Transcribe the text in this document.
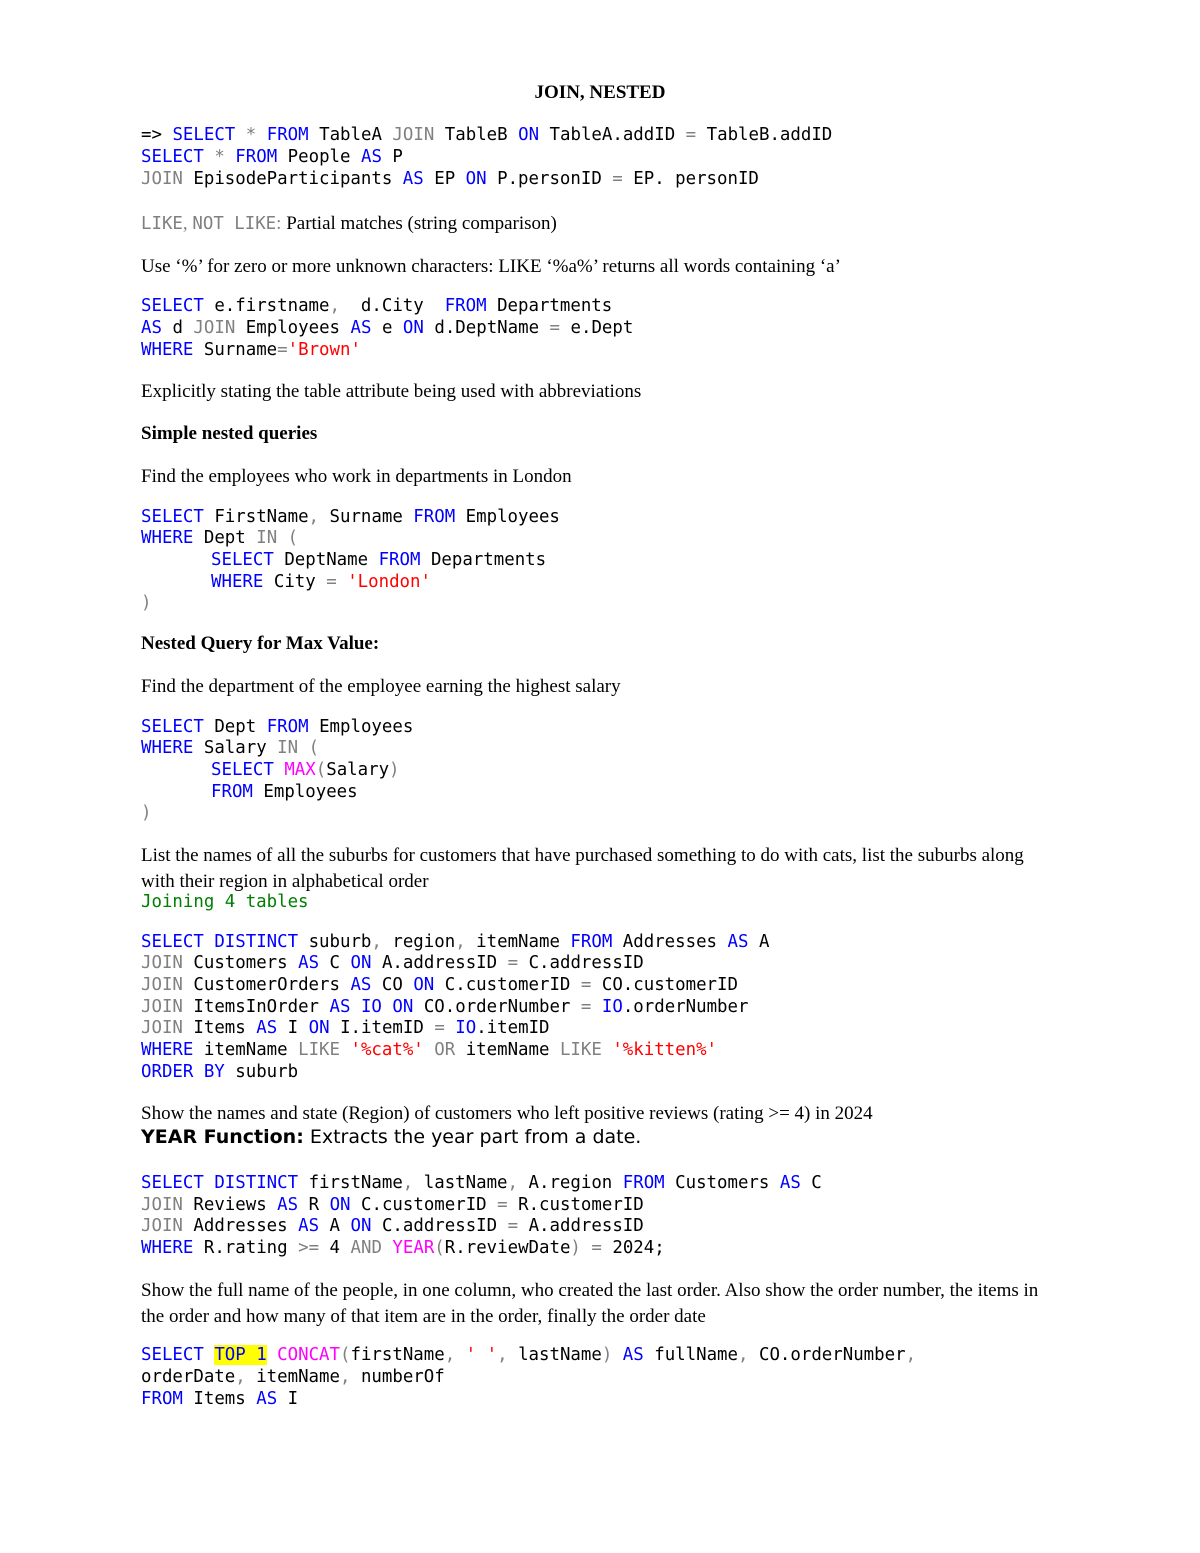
JOIN, NESTED
=> SELECT * FROM TableA JOIN TableB ON TableA.addID = TableB.addID
SELECT * FROM People AS P
JOIN EpisodeParticipants AS EP ON P.personID = EP. personID
LIKE, NOT LIKE: Partial matches (string comparison)
Use ‘%’ for zero or more unknown characters: LIKE ‘%a%’ returns all words containing ‘a’
SELECT e.firstname, d.City FROM Departments
AS d JOIN Employees AS e ON d.DeptName = e.Dept
WHERE Surname='Brown'
Explicitly stating the table attribute being used with abbreviations
Simple nested queries
Find the employees who work in departments in London
SELECT FirstName, Surname FROM Employees
WHERE Dept IN (
SELECT DeptName FROM Departments
WHERE City = 'London'
)
Nested Query for Max Value:
Find the department of the employee earning the highest salary
SELECT Dept FROM Employees
WHERE Salary IN (
SELECT MAX(Salary)
FROM Employees
)
List the names of all the suburbs for customers that have purchased something to do with cats, list the suburbs along with their region in alphabetical order
Joining 4 tables
SELECT DISTINCT suburb, region, itemName FROM Addresses AS A
JOIN Customers AS C ON A.addressID = C.addressID
JOIN CustomerOrders AS CO ON C.customerID = CO.customerID
JOIN ItemsInOrder AS IO ON CO.orderNumber = IO.orderNumber
JOIN Items AS I ON I.itemID = IO.itemID
WHERE itemName LIKE '%cat%' OR itemName LIKE '%kitten%'
ORDER BY suburb
Show the names and state (Region) of customers who left positive reviews (rating >= 4) in 2024
YEAR Function: Extracts the year part from a date.
SELECT DISTINCT firstName, lastName, A.region FROM Customers AS C
JOIN Reviews AS R ON C.customerID = R.customerID
JOIN Addresses AS A ON C.addressID = A.addressID
WHERE R.rating >= 4 AND YEAR(R.reviewDate) = 2024;
Show the full name of the people, in one column, who created the last order. Also show the order number, the items in the order and how many of that item are in the order, finally the order date
SELECT TOP 1 CONCAT(firstName, ' ', lastName) AS fullName, CO.orderNumber,
orderDate, itemName, numberOf
FROM Items AS I
